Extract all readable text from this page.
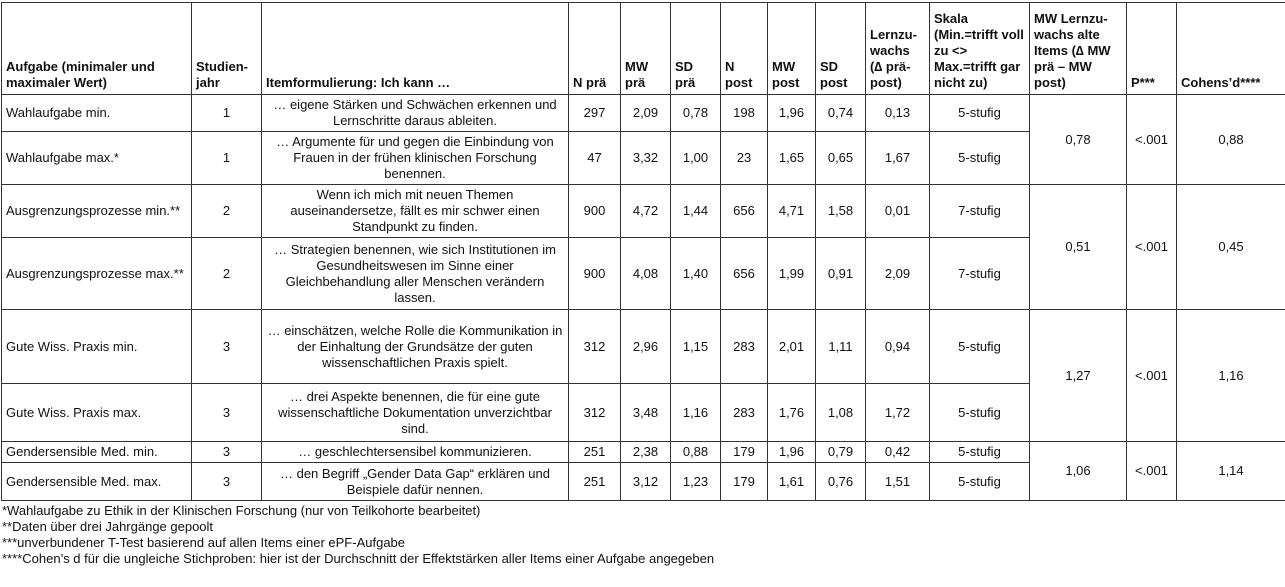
Aufgabe (minimaler und maximaler Wert)	Studien-jahr	Itemformulierung: Ich kann …	N prä	MW prä	SD prä	N post	MW post	SD post	Lernzu-wachs (∆ prä-post)	Skala (Min.=trifft voll zu <> Max.=trifft gar nicht zu)	MW Lernzu-wachs alte Items (∆ MW prä – MW post)	P***	Cohens’d****
Wahlaufgabe min.	1	… eigene Stärken und Schwächen erkennen und Lernschritte daraus ableiten.	297	2,09	0,78	198	1,96	0,74	0,13	5-stufig	0,78	<.001	0,88
Wahlaufgabe max.*	1	… Argumente für und gegen die Einbindung von Frauen in der frühen klinischen Forschung benennen.	47	3,32	1,00	23	1,65	0,65	1,67	5-stufig			
Ausgrenzungsprozesse min.**	2	Wenn ich mich mit neuen Themen auseinandersetze, fällt es mir schwer einen Standpunkt zu finden.	900	4,72	1,44	656	4,71	1,58	0,01	7-stufig	0,51	<.001	0,45
Ausgrenzungsprozesse max.**	2	… Strategien benennen, wie sich Institutionen im Gesundheitswesen im Sinne einer Gleichbehandlung aller Menschen verändern lassen.	900	4,08	1,40	656	1,99	0,91	2,09	7-stufig			
Gute Wiss. Praxis min.	3	… einschätzen, welche Rolle die Kommunikation in der Einhaltung der Grundsätze der guten wissenschaftlichen Praxis spielt.	312	2,96	1,15	283	2,01	1,11	0,94	5-stufig	1,27	<.001	1,16
Gute Wiss. Praxis max.	3	… drei Aspekte benennen, die für eine gute wissenschaftliche Dokumentation unverzichtbar sind.	312	3,48	1,16	283	1,76	1,08	1,72	5-stufig			
Gendersensible Med. min.	3	… geschlechtersensibel kommunizieren.	251	2,38	0,88	179	1,96	0,79	0,42	5-stufig	1,06	<.001	1,14
Gendersensible Med. max.	3	… den Begriff „Gender Data Gap“ erklären und Beispiele dafür nennen.	251	3,12	1,23	179	1,61	0,76	1,51	5-stufig			
*Wahlaufgabe zu Ethik in der Klinischen Forschung (nur von Teilkohorte bearbeitet)
**Daten über drei Jahrgänge gepoolt
***unverbundener T-Test basierend auf allen Items einer ePF-Aufgabe
****Cohen’s d für die ungleiche Stichproben: hier ist der Durchschnitt der Effektstärken aller Items einer Aufgabe angegeben
